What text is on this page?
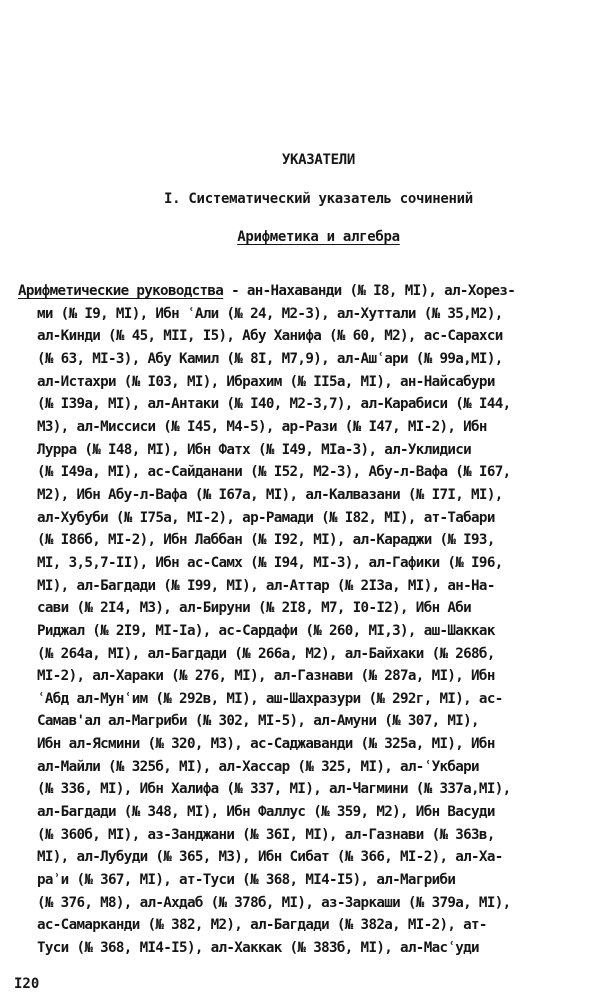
УКАЗАТЕЛИ
I. Систематический указатель сочинений
Арифметика и алгебра
Арифметические руководства - ан-Нахаванди (№ I8, MI), ал-Хорез-
ми (№ I9, MI), Ибн ʿАли (№ 24, M2-3), ал-Хуттали (№ 35,M2),
ал-Кинди (№ 45, MII, I5), Абу Ханифа (№ 60, M2), ас-Сарахси
(№ 63, MI-3), Абу Камил (№ 8I, M7,9), ал-Ашʿари (№ 99а,MI),
ал-Истахри (№ I03, MI), Ибрахим (№ II5а, MI), ан-Найсабури
(№ I39а, MI), ал-Антаки (№ I40, M2-3,7), ал-Карабиси (№ I44,
M3), ал-Миссиси (№ I45, M4-5), ар-Рази (№ I47, MI-2), Ибн
Лурра (№ I48, MI), Ибн Фатх (№ I49, MIа-3), ал-Уклидиси
(№ I49а, MI), ас-Сайданани (№ I52, M2-3), Абу-л-Вафа (№ I67,
M2), Ибн Абу-л-Вафа (№ I67а, MI), ал-Калвазани (№ I7I, MI),
ал-Хубуби (№ I75а, MI-2), ар-Рамади (№ I82, MI), ат-Табари
(№ I86б, MI-2), Ибн Лаббан (№ I92, MI), ал-Караджи (№ I93,
MI, 3,5,7-II), Ибн ас-Самх (№ I94, MI-3), ал-Гафики (№ I96,
MI), ал-Багдади (№ I99, MI), ал-Аттар (№ 2I3а, MI), ан-На-
сави (№ 2I4, M3), ал-Бируни (№ 2I8, M7, I0-I2), Ибн Аби
Риджал (№ 2I9, MI-Iа), ас-Сардафи (№ 260, MI,3), аш-Шаккак
(№ 264а, MI), ал-Багдади (№ 266а, M2), ал-Байхаки (№ 268б,
MI-2), ал-Хараки (№ 276, MI), ал-Газнави (№ 287а, MI), Ибн
ʿАбд ал-Мунʿим (№ 292в, MI), аш-Шахразури (№ 292г, MI), ас-
Самав'ал ал-Магриби (№ 302, MI-5), ал-Амуни (№ 307, MI),
Ибн ал-Ясмини (№ 320, M3), ас-Саджаванди (№ 325а, MI), Ибн
ал-Майли (№ 325б, MI), ал-Хассар (№ 325, MI), ал-ʿУкбари
(№ 336, MI), Ибн Халифа (№ 337, MI), ал-Чагмини (№ 337а,MI),
ал-Багдади (№ 348, MI), Ибн Фаллус (№ 359, M2), Ибн Васуди
(№ 360б, MI), аз-Занджани (№ 36I, MI), ал-Газнави (№ 363в,
MI), ал-Лубуди (№ 365, M3), Ибн Сибат (№ 366, MI-2), ал-Ха-
раʾи (№ 367, MI), ат-Туси (№ 368, MI4-I5), ал-Магриби
(№ 376, M8), ал-Ахдаб (№ 378б, MI), аз-Заркаши (№ 379а, MI),
ас-Самарканди (№ 382, M2), ал-Багдади (№ 382а, MI-2), ат-
Туси (№ 368, MI4-I5), ал-Хаккак (№ 383б, MI), ал-Масʿуди
I20
